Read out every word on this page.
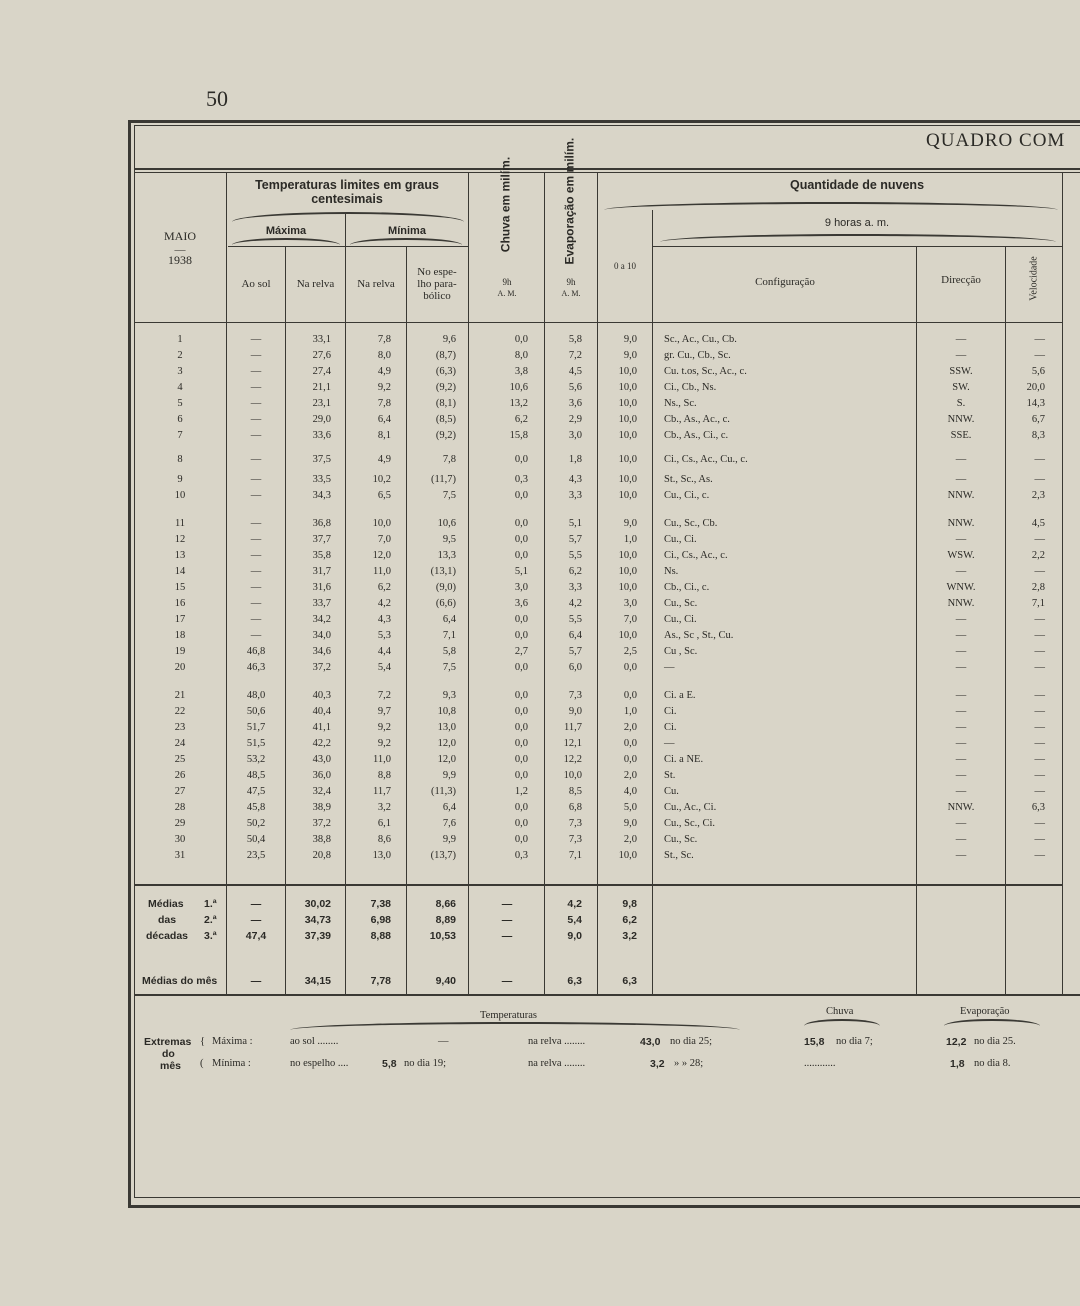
50
QUADRO COM
MAIO
—
1938
Temperaturas limites em graus centesimais
Máxima	Mínima
Ao sol	Na relva	Na relva
No espe- lho para- bólico
Chuva em milím.	Evaporação em milím.
9h
A. M.
9h
A. M.
0 a 10
Quantidade de nuvens
9 horas a. m.
Configuração	Direcção	Velocidade
1	—	33,1	7,8	9,6	0,0	5,8	9,0	Sc., Ac., Cu., Cb.	—	—
2	—	27,6	8,0	(8,7)	8,0	7,2	9,0	gr. Cu., Cb., Sc.	—	—
3	—	27,4	4,9	(6,3)	3,8	4,5	10,0	Cu. t.os, Sc., Ac., c.	SSW.	5,6
4	—	21,1	9,2	(9,2)	10,6	5,6	10,0	Ci., Cb., Ns.	SW.	20,0
5	—	23,1	7,8	(8,1)	13,2	3,6	10,0	Ns., Sc.	S.	14,3
6	—	29,0	6,4	(8,5)	6,2	2,9	10,0	Cb., As., Ac., c.	NNW.	6,7
7	—	33,6	8,1	(9,2)	15,8	3,0	10,0	Cb., As., Ci., c.	SSE.	8,3
8	—	37,5	4,9	7,8	0,0	1,8	10,0	Ci., Cs., Ac., Cu., c.	—	—
9	—	33,5	10,2	(11,7)	0,3	4,3	10,0	St., Sc., As.	—	—
10	—	34,3	6,5	7,5	0,0	3,3	10,0	Cu., Ci., c.	NNW.	2,3
11	—	36,8	10,0	10,6	0,0	5,1	9,0	Cu., Sc., Cb.	NNW.	4,5
12	—	37,7	7,0	9,5	0,0	5,7	1,0	Cu., Ci.	—	—
13	—	35,8	12,0	13,3	0,0	5,5	10,0	Ci., Cs., Ac., c.	WSW.	2,2
14	—	31,7	11,0	(13,1)	5,1	6,2	10,0	Ns.	—	—
15	—	31,6	6,2	(9,0)	3,0	3,3	10,0	Cb., Ci., c.	WNW.	2,8
16	—	33,7	4,2	(6,6)	3,6	4,2	3,0	Cu., Sc.	NNW.	7,1
17	—	34,2	4,3	6,4	0,0	5,5	7,0	Cu., Ci.	—	—
18	—	34,0	5,3	7,1	0,0	6,4	10,0	As., Sc , St., Cu.	—	—
19	46,8	34,6	4,4	5,8	2,7	5,7	2,5	Cu , Sc.	—	—
20	46,3	37,2	5,4	7,5	0,0	6,0	0,0	—	—	—
21	48,0	40,3	7,2	9,3	0,0	7,3	0,0	Ci. a E.	—	—
22	50,6	40,4	9,7	10,8	0,0	9,0	1,0	Ci.	—	—
23	51,7	41,1	9,2	13,0	0,0	11,7	2,0	Ci.	—	—
24	51,5	42,2	9,2	12,0	0,0	12,1	0,0	—	—	—
25	53,2	43,0	11,0	12,0	0,0	12,2	0,0	Ci. a NE.	—	—
26	48,5	36,0	8,8	9,9	0,0	10,0	2,0	St.	—	—
27	47,5	32,4	11,7	(11,3)	1,2	8,5	4,0	Cu.	—	—
28	45,8	38,9	3,2	6,4	0,0	6,8	5,0	Cu., Ac., Ci.	NNW.	6,3
29	50,2	37,2	6,1	7,6	0,0	7,3	9,0	Cu., Sc., Ci.	—	—
30	50,4	38,8	8,6	9,9	0,0	7,3	2,0	Cu., Sc.	—	—
31	23,5	20,8	13,0	(13,7)	0,3	7,1	10,0	St., Sc.	—	—
Médias
das
décadas
1.ª
2.ª
3.ª
—	30,02	7,38	8,66	—	4,2	9,8
—	34,73	6,98	8,89	—	5,4	6,2
47,4	37,39	8,88	10,53	—	9,0	3,2
Médias do mês	—	34,15	7,78	9,40	—	6,3	6,3
Temperaturas	Chuva	Evaporação
Extremas
do
mês
{
(
Máxima :
Mínima :
ao sol ........	—	na relva ........	43,0 no dia 25;
no espelho ....	5,8 no dia 19;	na relva ........	3,2 » » 28;
15,8 no dia 7;
............
12,2 no dia 25.
1,8 no dia 8.
